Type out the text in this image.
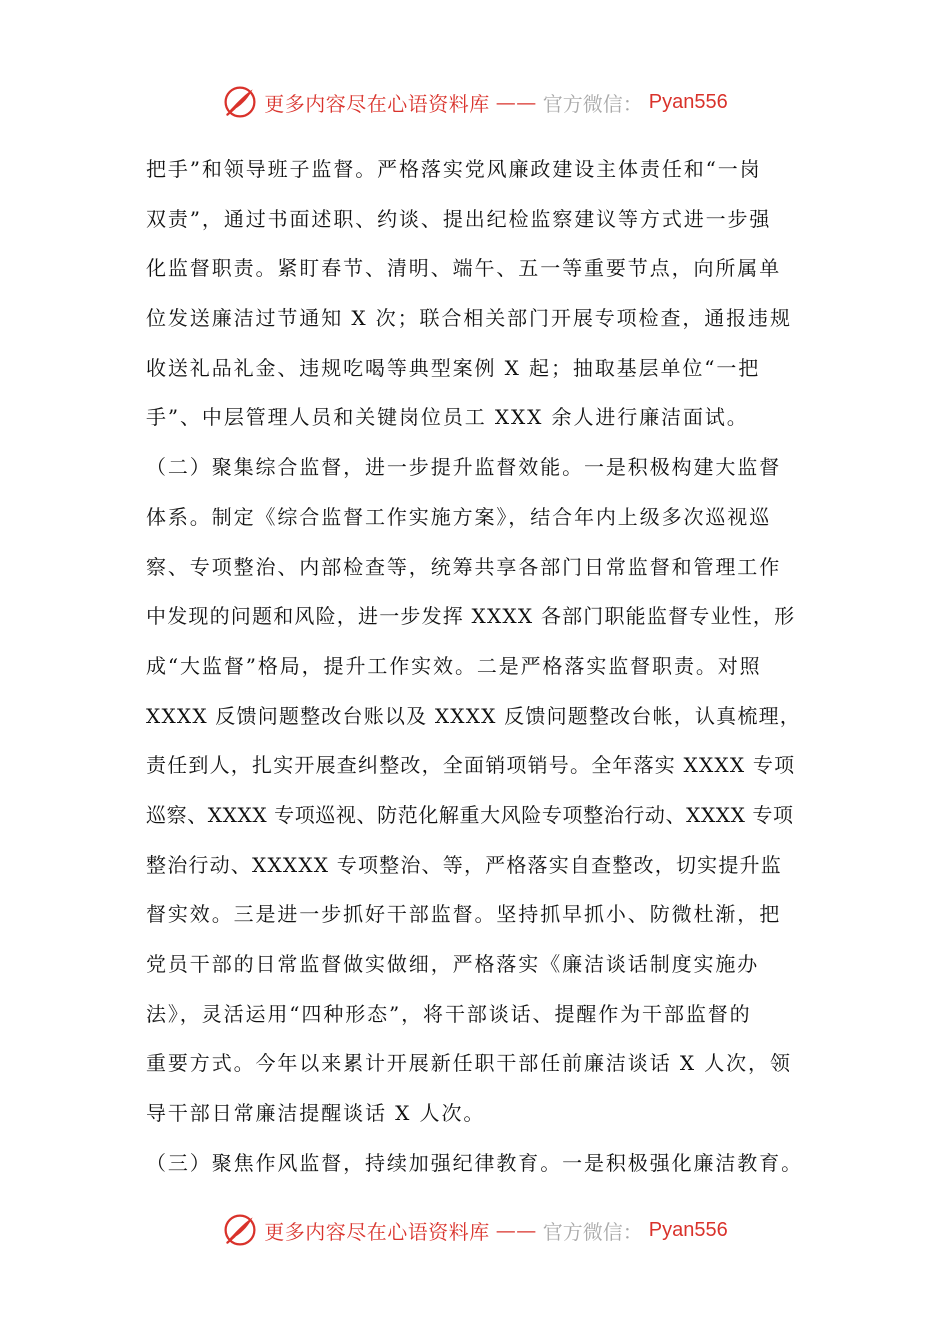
更多内容尽在心语资料库 —— 官方微信： Pyan556
把手”和领导班子监督。严格落实党风廉政建设主体责任和“一岗
双责”，通过书面述职、约谈、提出纪检监察建议等方式进一步强
化监督职责。紧盯春节、清明、端午、五一等重要节点，向所属单
位发送廉洁过节通知 X 次；联合相关部门开展专项检查，通报违规
收送礼品礼金、违规吃喝等典型案例 X 起；抽取基层单位“一把
手”、中层管理人员和关键岗位员工 XXX 余人进行廉洁面试。
（二）聚集综合监督，进一步提升监督效能。一是积极构建大监督
体系。制定《综合监督工作实施方案》，结合年内上级多次巡视巡
察、专项整治、内部检查等，统筹共享各部门日常监督和管理工作
中发现的问题和风险，进一步发挥 XXXX 各部门职能监督专业性，形
成“大监督”格局，提升工作实效。二是严格落实监督职责。对照
XXXX 反馈问题整改台账以及 XXXX 反馈问题整改台帐，认真梳理，
责任到人，扎实开展查纠整改，全面销项销号。全年落实 XXXX 专项
巡察、XXXX 专项巡视、防范化解重大风险专项整治行动、XXXX 专项
整治行动、XXXXX 专项整治、等，严格落实自查整改，切实提升监
督实效。三是进一步抓好干部监督。坚持抓早抓小、防微杜渐，把
党员干部的日常监督做实做细，严格落实《廉洁谈话制度实施办
法》，灵活运用“四种形态”，将干部谈话、提醒作为干部监督的
重要方式。今年以来累计开展新任职干部任前廉洁谈话 X 人次，领
导干部日常廉洁提醒谈话 X 人次。
（三）聚焦作风监督，持续加强纪律教育。一是积极强化廉洁教育。
更多内容尽在心语资料库 —— 官方微信： Pyan556
